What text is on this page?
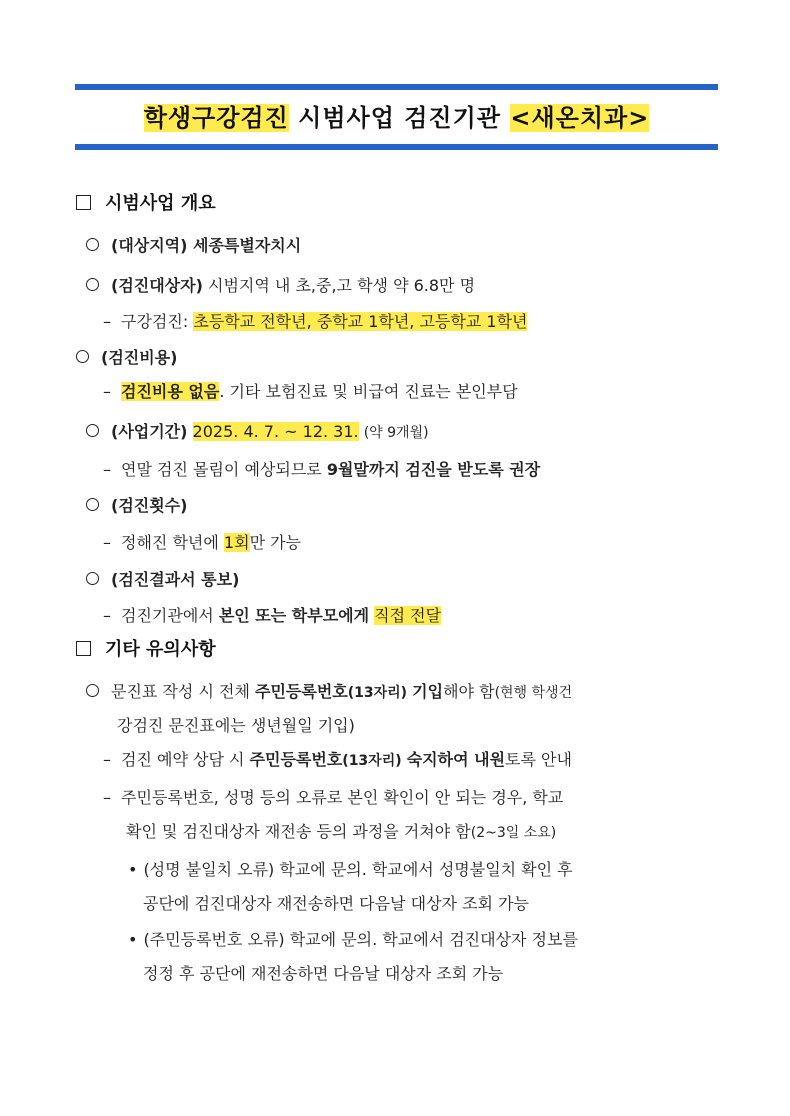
학생구강검진 시범사업 검진기관 <새온치과>
시범사업 개요
(대상지역) 세종특별자치시
(검진대상자) 시범지역 내 초,중,고 학생 약 6.8만 명
– 구강검진: 초등학교 전학년, 중학교 1학년, 고등학교 1학년
(검진비용)
– 검진비용 없음. 기타 보험진료 및 비급여 진료는 본인부담
(사업기간) 2025. 4. 7. ~ 12. 31. (약 9개월)
– 연말 검진 몰림이 예상되므로 9월말까지 검진을 받도록 권장
(검진횟수)
– 정해진 학년에 1회만 가능
(검진결과서 통보)
– 검진기관에서 본인 또는 학부모에게 직접 전달
기타 유의사항
문진표 작성 시 전체 주민등록번호(13자리) 기입해야 함(현행 학생건
강검진 문진표에는 생년월일 기입)
– 검진 예약 상담 시 주민등록번호(13자리) 숙지하여 내원토록 안내
– 주민등록번호, 성명 등의 오류로 본인 확인이 안 되는 경우, 학교
확인 및 검진대상자 재전송 등의 과정을 거쳐야 함(2~3일 소요)
• (성명 불일치 오류) 학교에 문의. 학교에서 성명불일치 확인 후
공단에 검진대상자 재전송하면 다음날 대상자 조회 가능
• (주민등록번호 오류) 학교에 문의. 학교에서 검진대상자 정보를
정정 후 공단에 재전송하면 다음날 대상자 조회 가능
